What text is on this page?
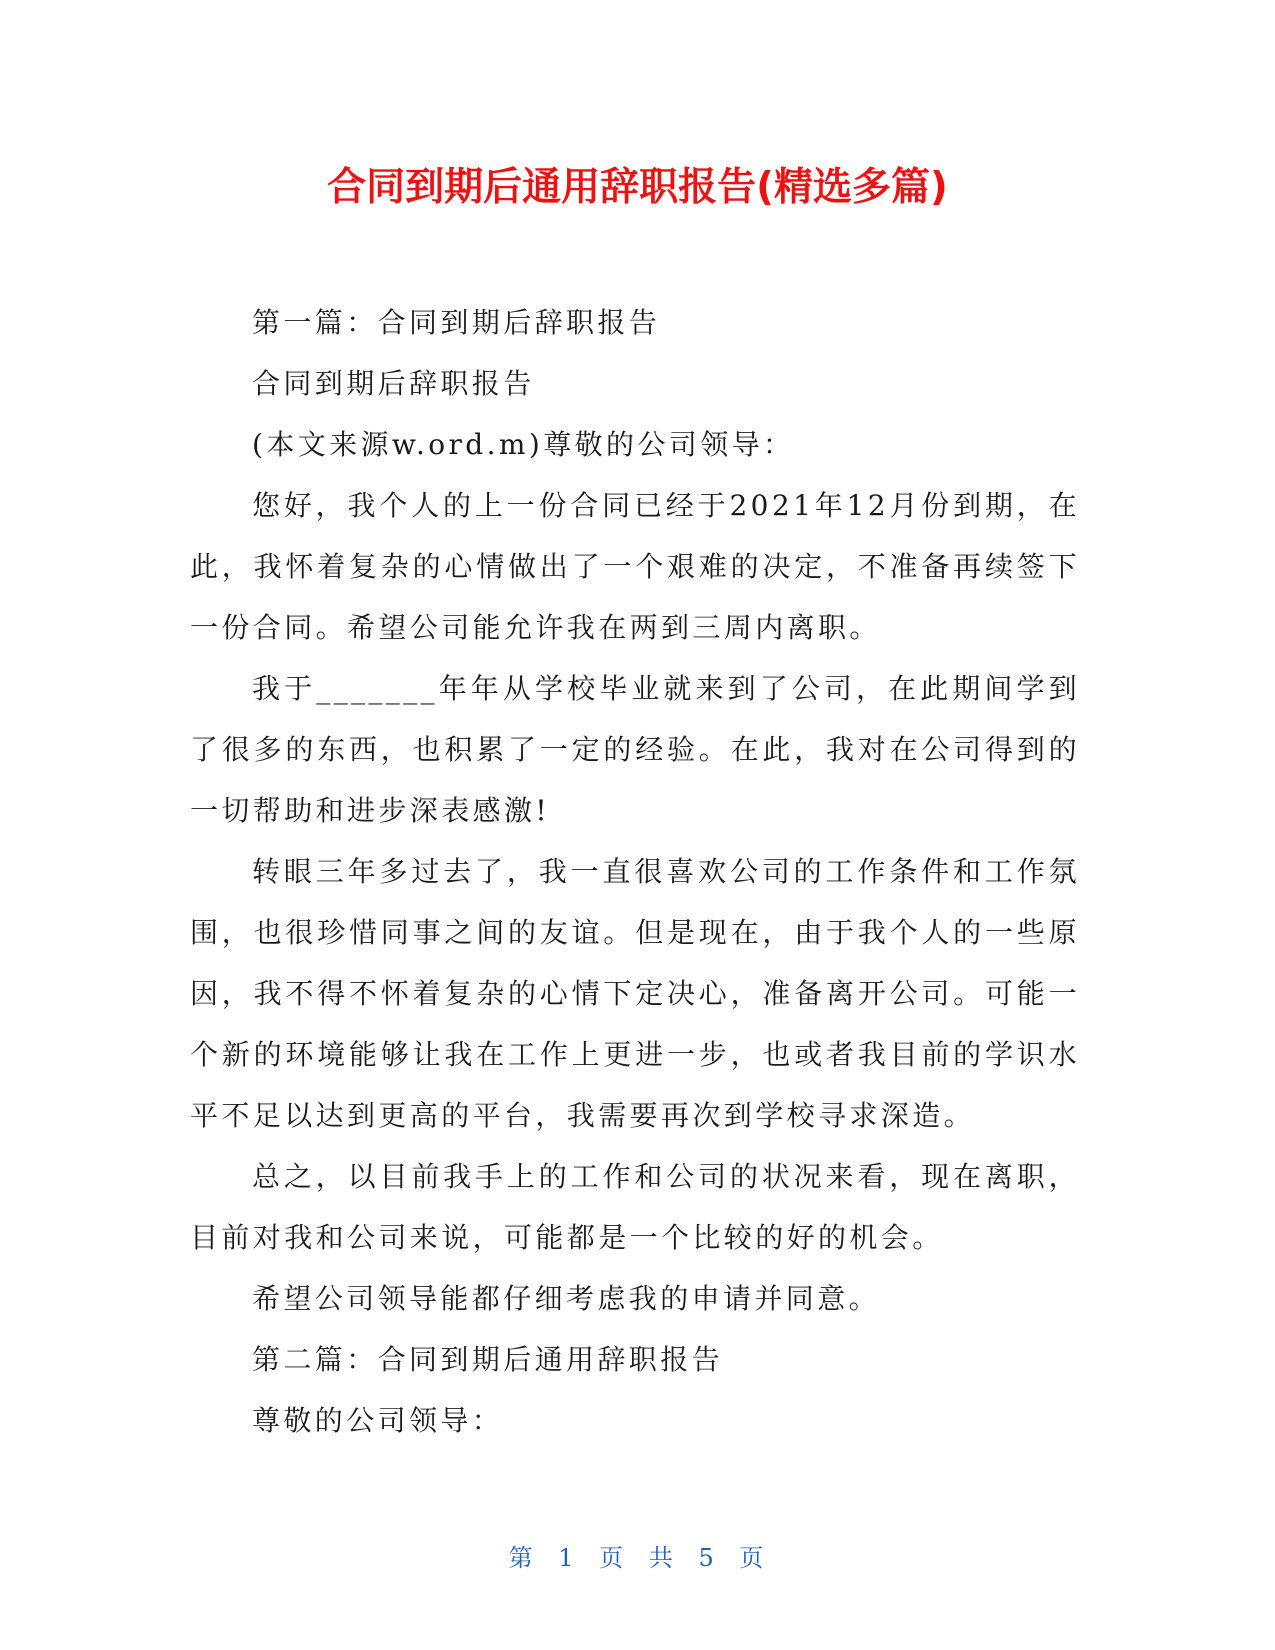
合同到期后通用辞职报告(精选多篇)

第一篇：合同到期后辞职报告

合同到期后辞职报告

(本文来源w.ord.m)尊敬的公司领导：

您好，我个人的上一份合同已经于2021年12月份到期，在此，我怀着复杂的心情做出了一个艰难的决定，不准备再续签下一份合同。希望公司能允许我在两到三周内离职。

我于_______年年从学校毕业就来到了公司，在此期间学到了很多的东西，也积累了一定的经验。在此，我对在公司得到的一切帮助和进步深表感激!

转眼三年多过去了，我一直很喜欢公司的工作条件和工作氛围，也很珍惜同事之间的友谊。但是现在，由于我个人的一些原因，我不得不怀着复杂的心情下定决心，准备离开公司。可能一个新的环境能够让我在工作上更进一步，也或者我目前的学识水平不足以达到更高的平台，我需要再次到学校寻求深造。

总之，以目前我手上的工作和公司的状况来看，现在离职，目前对我和公司来说，可能都是一个比较的好的机会。

希望公司领导能都仔细考虑我的申请并同意。

第二篇：合同到期后通用辞职报告

尊敬的公司领导：

第 1 页 共 5 页
